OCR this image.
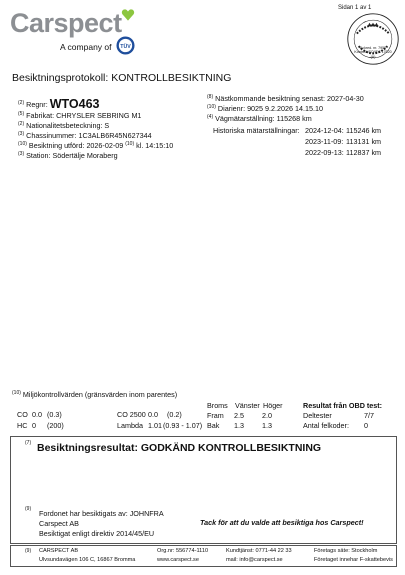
Carspect
A company of TÜV
Sidan 1 av 1
Ackred. nr. 7952 Kontroll ISO/IEC 17020 (A)
Besiktningsprotokoll: KONTROLLBESIKTNING
$^{(2)}$ Regnr: WTO463
$^{(5)}$ Fabrikat: CHRYSLER SEBRING M1
$^{(2)}$ Nationalitetsbeteckning: S
$^{(3)}$ Chassinummer: 1C3ALB6R45N627344
$^{(10)}$ Besiktning utförd: 2026-02-09 $^{(10)}$ kl. 14:15:10
$^{(3)}$ Station: Södertälje Moraberg
$^{(8)}$ Nästkommande besiktning senast: 2027-04-30
$^{(10)}$ Diarienr: 9025 9.2.2026 14.15.10
$^{(4)}$ Vägmätarställning: 115268 km
Historiska mätarställningar: 2024-12-04: 115246 km
2023-11-09: 113131 km
2022-09-13: 112837 km
$^{(10)}$ Miljökontrollvärden (gränsvärden inom parentes)
CO 0.0 (0.3)
HC 0 (200)
CO 2500 0.0 (0.2)
Lambda 1.01 (0.93 - 1.07)
Broms Vänster Höger
Fram 2.5	2.0
Bak 1.3	1.3
Resultat från OBD test:
Deltester	7/7
Antal felkoder: 0
(7) Besiktningsresultat: GODKÄND KONTROLLBESIKTNING
(9) Fordonet har besiktigats av: JOHNFRA
Carspect AB
Besiktigat enligt direktiv 2014/45/EU
Tack för att du valde att besiktiga hos Carspect!
(9) CARSPECT AB
Ulvsundavägen 106 C, 16867 Bromma
Org.nr: 556774-1110
www.carspect.se
Kundtjänst: 0771-44 22 33
mail: info@carspect.se
Företags säte: Stockholm
Företaget innehar F-skattebevis
